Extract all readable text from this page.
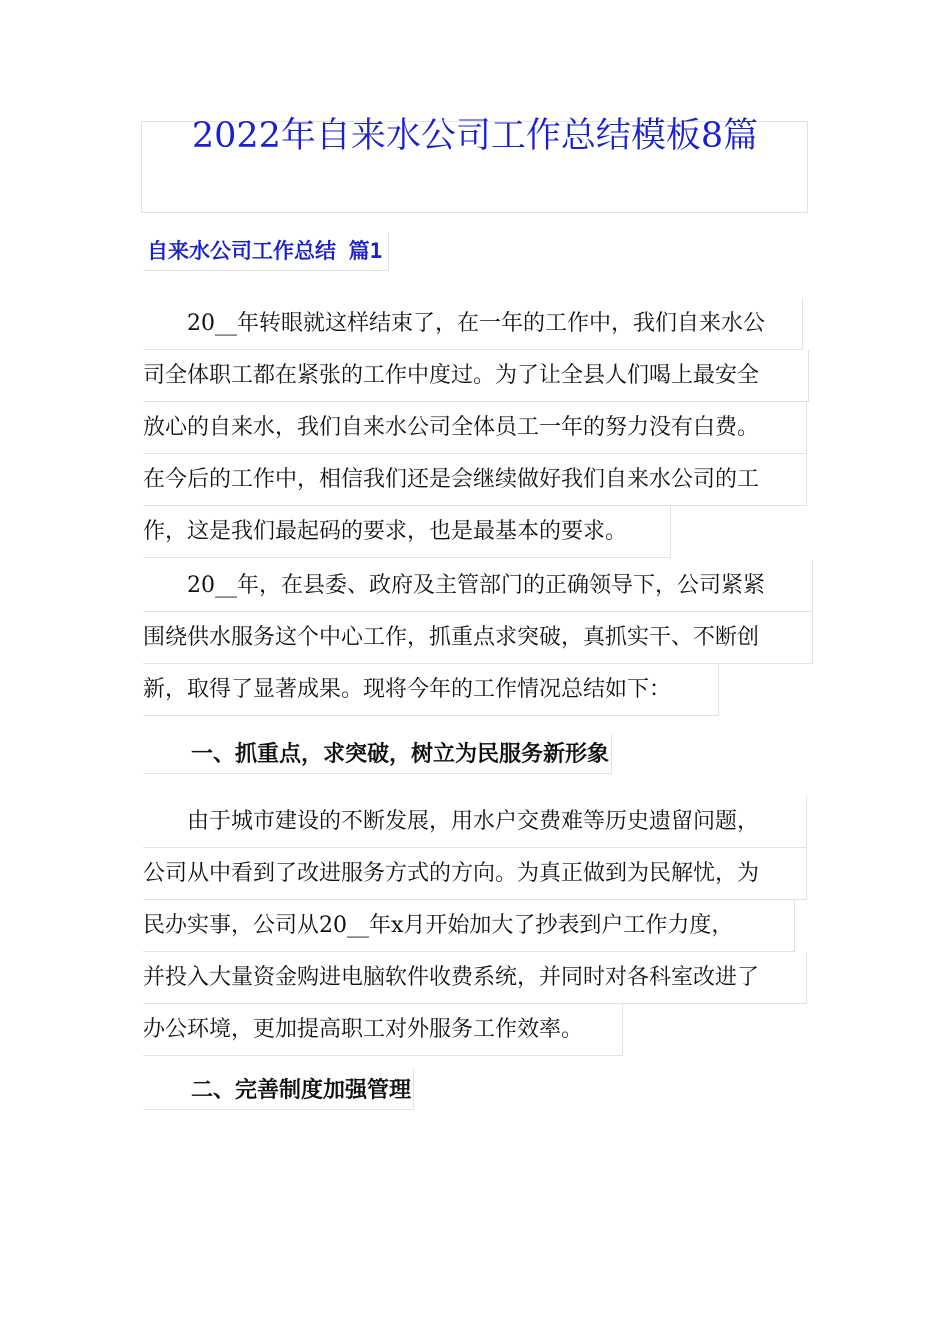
2022年自来水公司工作总结模板8篇
自来水公司工作总结 篇1
　　20__年转眼就这样结束了，在一年的工作中，我们自来水公
司全体职工都在紧张的工作中度过。为了让全县人们喝上最安全
放心的自来水，我们自来水公司全体员工一年的努力没有白费。
在今后的工作中，相信我们还是会继续做好我们自来水公司的工
作，这是我们最起码的要求，也是最基本的要求。
　　20__年，在县委、政府及主管部门的正确领导下，公司紧紧
围绕供水服务这个中心工作，抓重点求突破，真抓实干、不断创
新，取得了显著成果。现将今年的工作情况总结如下：
一、抓重点，求突破，树立为民服务新形象
　　由于城市建设的不断发展，用水户交费难等历史遗留问题，
公司从中看到了改进服务方式的方向。为真正做到为民解忧，为
民办实事，公司从20__年x月开始加大了抄表到户工作力度，
并投入大量资金购进电脑软件收费系统，并同时对各科室改进了
办公环境，更加提高职工对外服务工作效率。
二、完善制度加强管理
